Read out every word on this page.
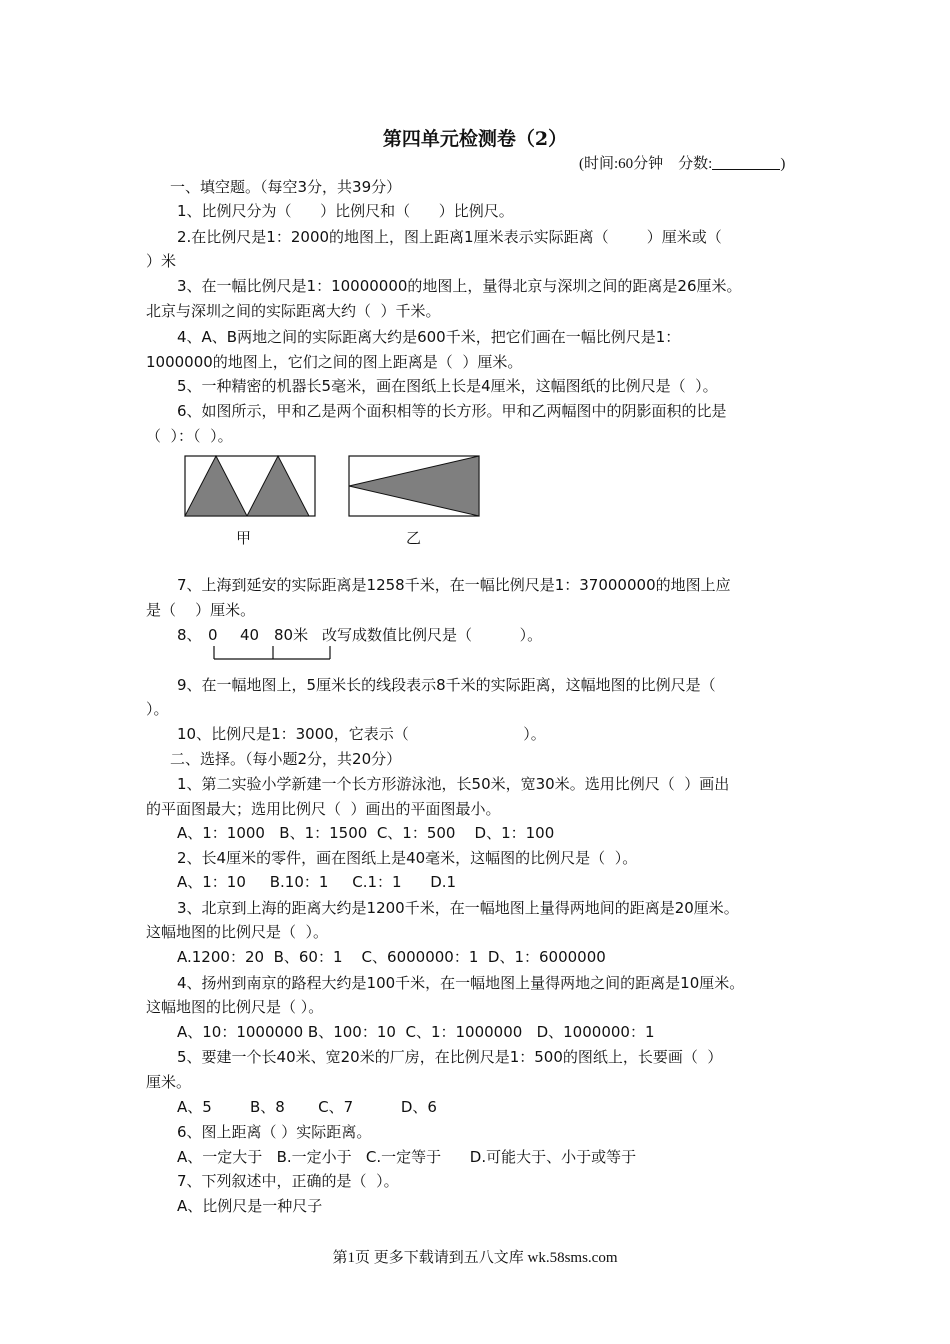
第四单元检测卷（2）
(时间:60分钟    分数:	)
一、填空题。（每空3分，共39分）
1、比例尺分为（      ）比例尺和（      ）比例尺。
2.在比例尺是1：2000的地图上，图上距离1厘米表示实际距离（        ）厘米或（
）米
3、在一幅比例尺是1：10000000的地图上，量得北京与深圳之间的距离是26厘米。
北京与深圳之间的实际距离大约（  ）千米。
4、A、B两地之间的实际距离大约是600千米，把它们画在一幅比例尺是1：
1000000的地图上，它们之间的图上距离是（  ）厘米。
5、一种精密的机器长5毫米，画在图纸上长是4厘米，这幅图纸的比例尺是（  ）。
6、如图所示，甲和乙是两个面积相等的长方形。甲和乙两幅图中的阴影面积的比是
（  ）：（  ）。
甲	乙
7、上海到延安的实际距离是1258千米，在一幅比例尺是1：37000000的地图上应
是（    ）厘米。
8、 0 40 80米 改写成数值比例尺是（          ）。
9、在一幅地图上，5厘米长的线段表示8千米的实际距离，这幅地图的比例尺是（
）。
10、比例尺是1：3000，它表示（                        ）。
二、选择。（每小题2分，共20分）
1、第二实验小学新建一个长方形游泳池，长50米，宽30米。选用比例尺（  ）画出
的平面图最大；选用比例尺（  ）画出的平面图最小。
A、1：1000   B、1：1500  C、1：500    D、1：100
2、长4厘米的零件，画在图纸上是40毫米，这幅图的比例尺是（  ）。
A、1：10     B.10：1     C.1：1      D.1
3、北京到上海的距离大约是1200千米，在一幅地图上量得两地间的距离是20厘米。
这幅地图的比例尺是（  ）。
A.1200：20  B、60：1    C、6000000：1  D、1：6000000
4、扬州到南京的路程大约是100千米，在一幅地图上量得两地之间的距离是10厘米。
这幅地图的比例尺是（ ）。
A、10：1000000 B、100：10  C、1：1000000   D、1000000：1
5、要建一个长40米、宽20米的厂房，在比例尺是1：500的图纸上，长要画（  ）
厘米。
A、5        B、8       C、7          D、6
6、图上距离（ ）实际距离。
A、一定大于   B.一定小于   C.一定等于      D.可能大于、小于或等于
7、下列叙述中，正确的是（  ）。
A、比例尺是一种尺子
第1页 更多下载请到五八文库 wk.58sms.com
